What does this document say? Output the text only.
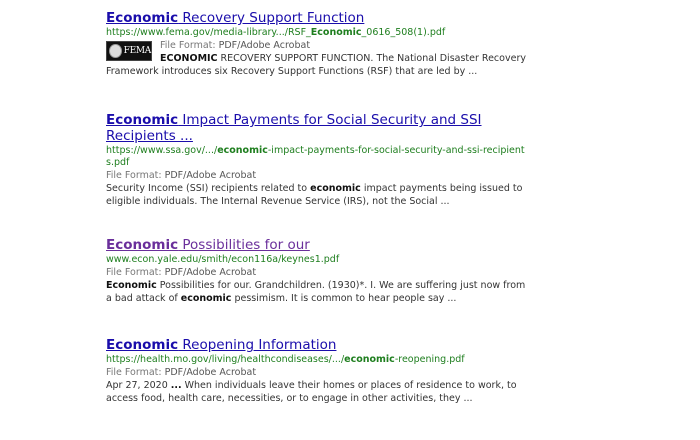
Economic Recovery Support Function
https://www.fema.gov/media-library.../RSF_Economic_0616_508(1).pdf
FEMA File Format: PDF/Adobe Acrobat
ECONOMIC RECOVERY SUPPORT FUNCTION. The National Disaster Recovery Framework introduces six Recovery Support Functions (RSF) that are led by ...
Economic Impact Payments for Social Security and SSI Recipients ...
https://www.ssa.gov/.../economic-impact-payments-for-social-security-and-ssi-recipients.pdf
File Format: PDF/Adobe Acrobat
Security Income (SSI) recipients related to economic impact payments being issued to eligible individuals. The Internal Revenue Service (IRS), not the Social ...
Economic Possibilities for our
www.econ.yale.edu/smith/econ116a/keynes1.pdf
File Format: PDF/Adobe Acrobat
Economic Possibilities for our. Grandchildren. (1930)*. I. We are suffering just now from a bad attack of economic pessimism. It is common to hear people say ...
Economic Reopening Information
https://health.mo.gov/living/healthcondiseases/.../economic-reopening.pdf
File Format: PDF/Adobe Acrobat
Apr 27, 2020 ... When individuals leave their homes or places of residence to work, to access food, health care, necessities, or to engage in other activities, they ...
